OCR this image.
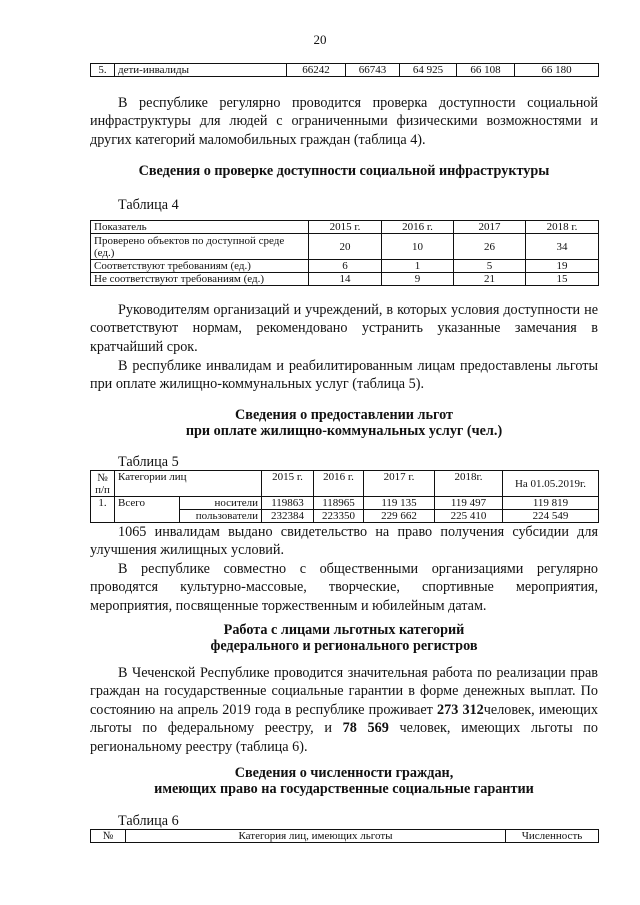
20
5.	дети-инвалиды	66242	66743	64 925	66 108	66 180
В республике регулярно проводится проверка доступности социальной инфраструктуры для людей с ограниченными физическими возможностями и других категорий маломобильных граждан (таблица 4).
Сведения о проверке доступности социальной инфраструктуры
Таблица 4
Показатель	2015 г.	2016 г.	2017	2018 г.
Проверено объектов по доступной среде (ед.)	20	10	26	34
Соответствуют требованиям (ед.)	6	1	5	19
Не соответствуют требованиям (ед.)	14	9	21	15
Руководителям организаций и учреждений, в которых условия доступности не соответствуют нормам, рекомендовано устранить указанные замечания в кратчайший срок.
В республике инвалидам и реабилитированным лицам предоставлены льготы при оплате жилищно-коммунальных услуг (таблица 5).
Сведения о предоставлении льгот
при оплате жилищно-коммунальных услуг (чел.)
Таблица 5
№ п/п	Категории лиц		2015 г.	2016 г.	2017 г.	2018г.	На 01.05.2019г.
1.	Всего	носители	119863	118965	119 135	119 497	119 819
		пользователи	232384	223350	229 662	225 410	224 549
1065 инвалидам выдано свидетельство на право получения субсидии для улучшения жилищных условий.
В республике совместно с общественными организациями регулярно проводятся культурно-массовые, творческие, спортивные мероприятия, мероприятия, посвященные торжественным и юбилейным датам.
Работа с лицами льготных категорий
федерального и регионального регистров
В Чеченской Республике проводится значительная работа по реализации прав граждан на государственные социальные гарантии в форме денежных выплат. По состоянию на апрель 2019 года в республике проживает 273 312человек, имеющих льготы по федеральному реестру, и 78 569 человек, имеющих льготы по региональному реестру (таблица 6).
Сведения о численности граждан,
имеющих право на государственные социальные гарантии
Таблица 6
№	Категория лиц, имеющих льготы	Численность
